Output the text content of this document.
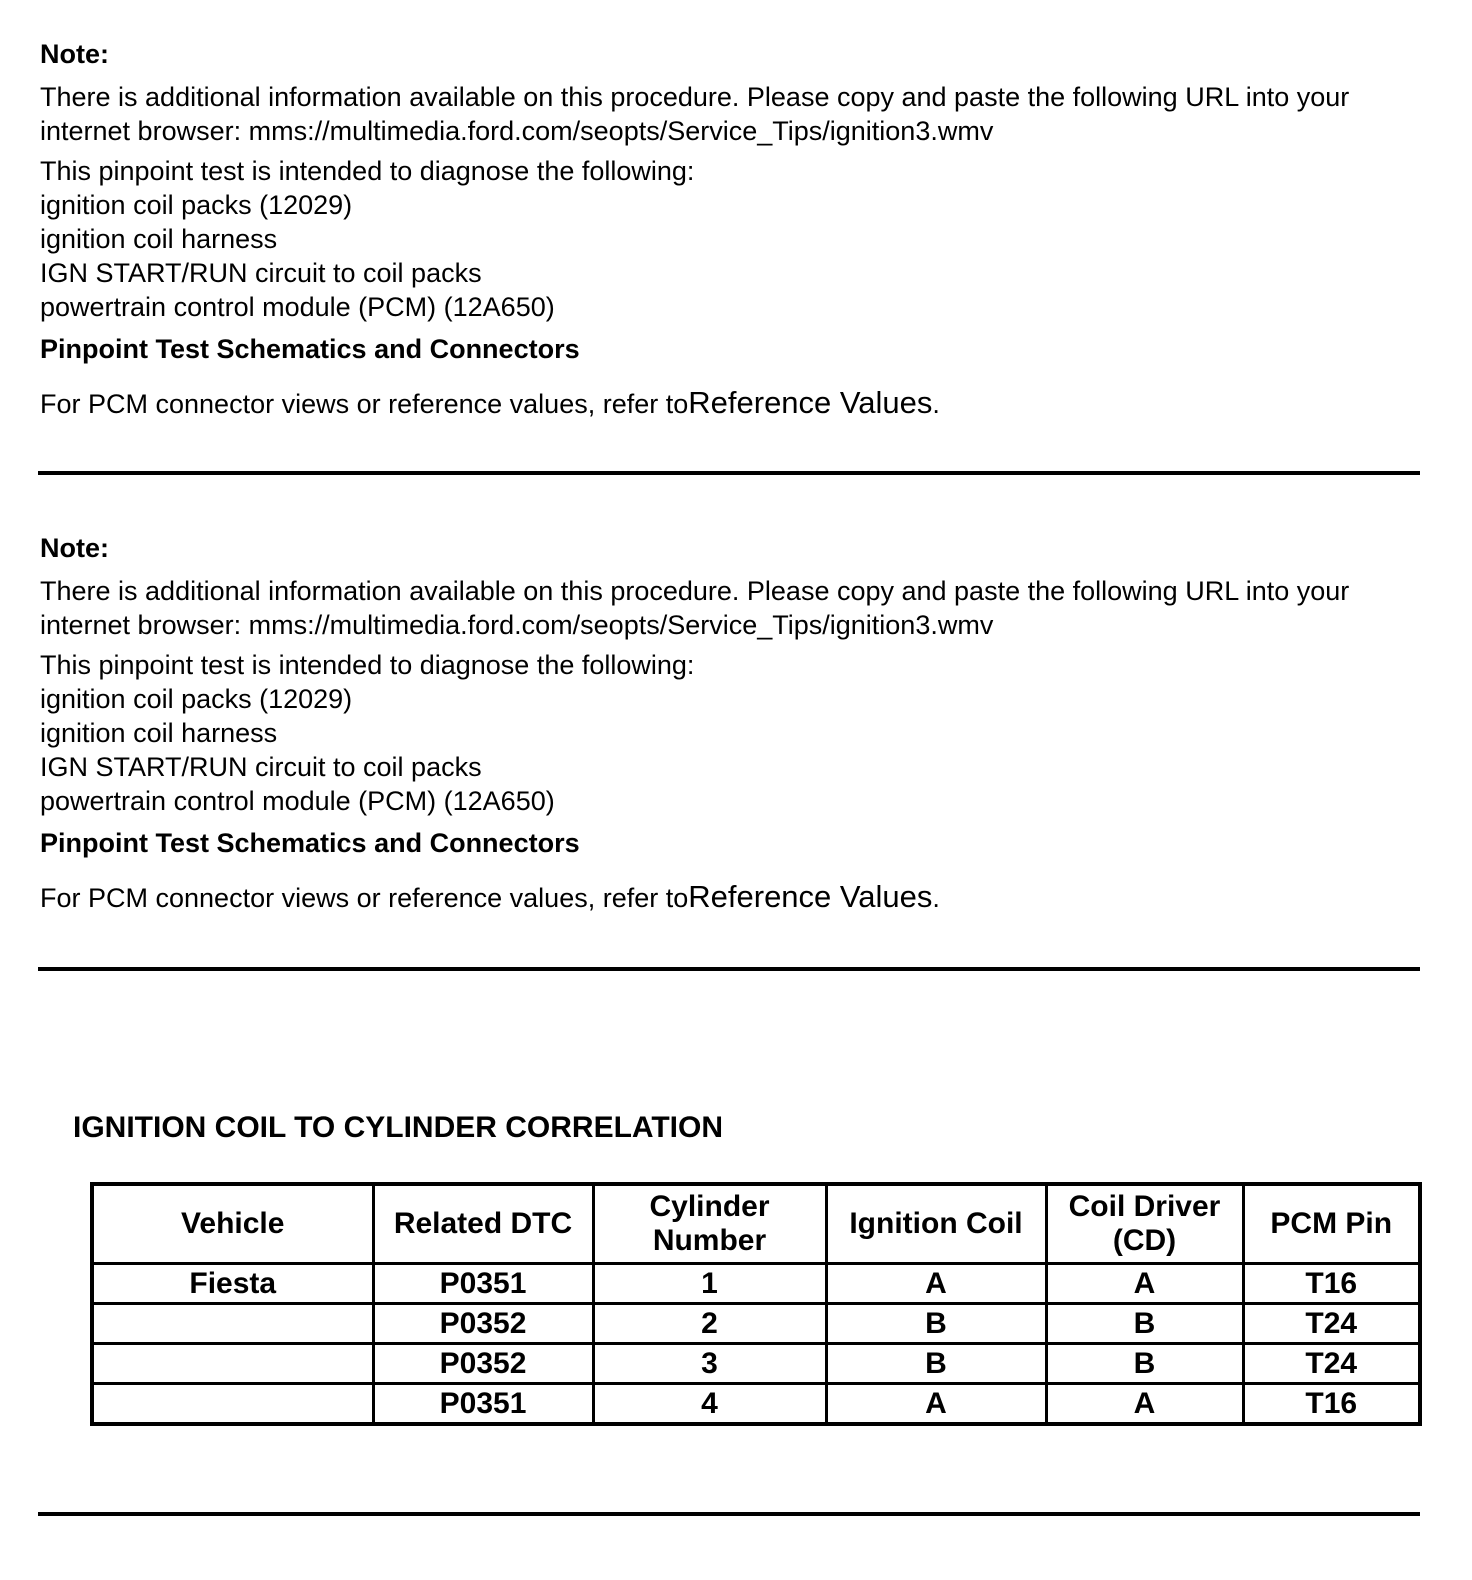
Note:
There is additional information available on this procedure. Please copy and paste the following URL into your internet browser: mms://multimedia.ford.com/seopts/Service_Tips/ignition3.wmv
This pinpoint test is intended to diagnose the following:
ignition coil packs (12029)
ignition coil harness
IGN START/RUN circuit to coil packs
powertrain control module (PCM) (12A650)
Pinpoint Test Schematics and Connectors
For PCM connector views or reference values, refer toReference Values.
Note:
There is additional information available on this procedure. Please copy and paste the following URL into your internet browser: mms://multimedia.ford.com/seopts/Service_Tips/ignition3.wmv
This pinpoint test is intended to diagnose the following:
ignition coil packs (12029)
ignition coil harness
IGN START/RUN circuit to coil packs
powertrain control module (PCM) (12A650)
Pinpoint Test Schematics and Connectors
For PCM connector views or reference values, refer toReference Values.
IGNITION COIL TO CYLINDER CORRELATION
Vehicle	Related DTC	Cylinder Number	Ignition Coil	Coil Driver (CD)	PCM Pin
Fiesta	P0351	1	A	A	T16
	P0352	2	B	B	T24
	P0352	3	B	B	T24
	P0351	4	A	A	T16
